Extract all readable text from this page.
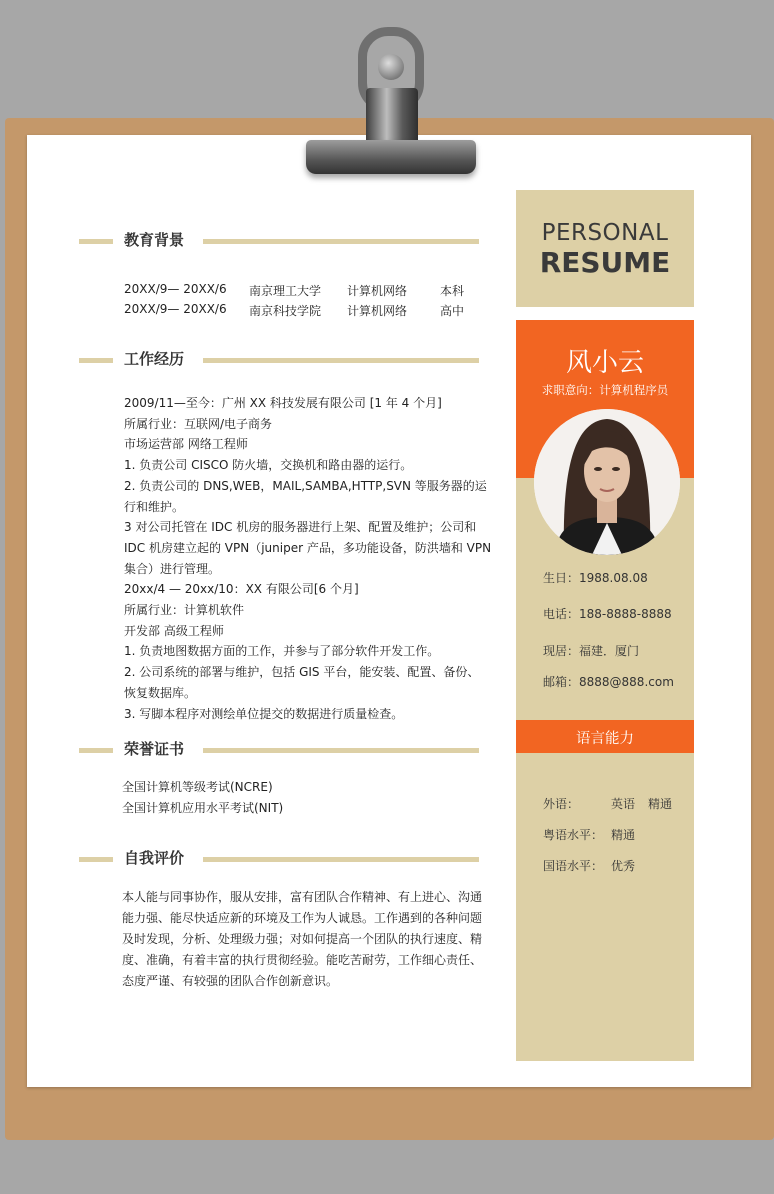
教育背景
20XX/9— 20XX/6 南京理工大学 计算机网络	本科
20XX/9— 20XX/6 南京科技学院 计算机网络	高中
工作经历
2009/11—至今：广州 XX 科技发展有限公司 [1 年 4 个月]
所属行业：互联网/电子商务
市场运营部 网络工程师
1. 负责公司 CISCO 防火墙，交换机和路由器的运行。
2. 负责公司的 DNS,WEB，MAIL,SAMBA,HTTP,SVN 等服务器的运
行和维护。
3 对公司托管在 IDC 机房的服务器进行上架、配置及维护；公司和
IDC 机房建立起的 VPN（juniper 产品，多功能设备，防洪墙和 VPN
集合）进行管理。
20xx/4 — 20xx/10：XX 有限公司[6 个月]
所属行业：计算机软件
开发部 高级工程师
1. 负责地图数据方面的工作，并参与了部分软件开发工作。
2. 公司系统的部署与维护，包括 GIS 平台，能安装、配置、备份、
恢复数据库。
3. 写脚本程序对测绘单位提交的数据进行质量检查。
荣誉证书
全国计算机等级考试(NCRE)
全国计算机应用水平考试(NIT)
自我评价
本人能与同事协作，服从安排，富有团队合作精神、有上进心、沟通
能力强、能尽快适应新的环境及工作为人诚恳。工作遇到的各种问题
及时发现，分析、处理级力强；对如何提高一个团队的执行速度、精
度、准确，有着丰富的执行贯彻经验。能吃苦耐劳，工作细心责任、
态度严谨、有较强的团队合作创新意识。
PERSONAL
RESUME
风小云
求职意向：计算机程序员
生日：1988.08.08
电话：188-8888-8888
现居：福建．厦门
邮箱：8888@888.com
语言能力
外语：	英语 精通
粤语水平： 精通
国语水平： 优秀
